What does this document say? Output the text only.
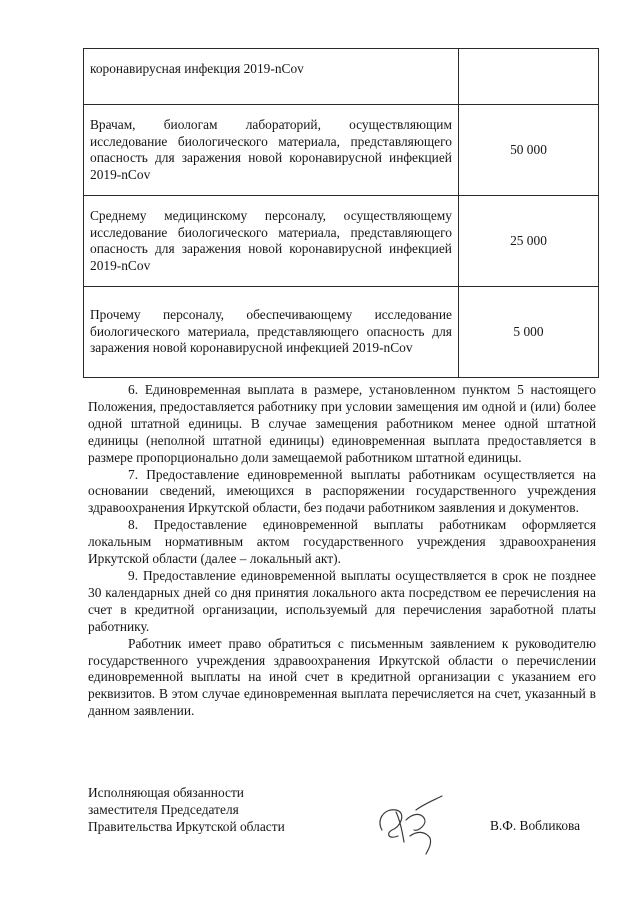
коронавирусная инфекция 2019-nCov	
Врачам, биологам лабораторий, осуществляющим исследование биологического материала, представляющего опасность для заражения новой коронавирусной инфекцией 2019-nCov	50 000
Среднему медицинскому персоналу, осуществляющему исследование биологического материала, представляющего опасность для заражения новой коронавирусной инфекцией 2019-nCov	25 000
Прочему персоналу, обеспечивающему исследование биологического материала, представляющего опасность для заражения новой коронавирусной инфекцией 2019-nCov	5 000

6. Единовременная выплата в размере, установленном пунктом 5 настоящего Положения, предоставляется работнику при условии замещения им одной и (или) более одной штатной единицы. В случае замещения работником менее одной штатной единицы (неполной штатной единицы) единовременная выплата предоставляется в размере пропорционально доли замещаемой работником штатной единицы.

7. Предоставление единовременной выплаты работникам осуществляется на основании сведений, имеющихся в распоряжении государственного учреждения здравоохранения Иркутской области, без подачи работником заявления и документов.

8. Предоставление единовременной выплаты работникам оформляется локальным нормативным актом государственного учреждения здравоохранения Иркутской области (далее – локальный акт).

9. Предоставление единовременной выплаты осуществляется в срок не позднее 30 календарных дней со дня принятия локального акта посредством ее перечисления на счет в кредитной организации, используемый для перечисления заработной платы работнику.

Работник имеет право обратиться с письменным заявлением к руководителю государственного учреждения здравоохранения Иркутской области о перечислении единовременной выплаты на иной счет в кредитной организации с указанием его реквизитов. В этом случае единовременная выплата перечисляется на счет, указанный в данном заявлении.

Исполняющая обязанности
заместителя Председателя
Правительства Иркутской области	В.Ф. Вобликова
